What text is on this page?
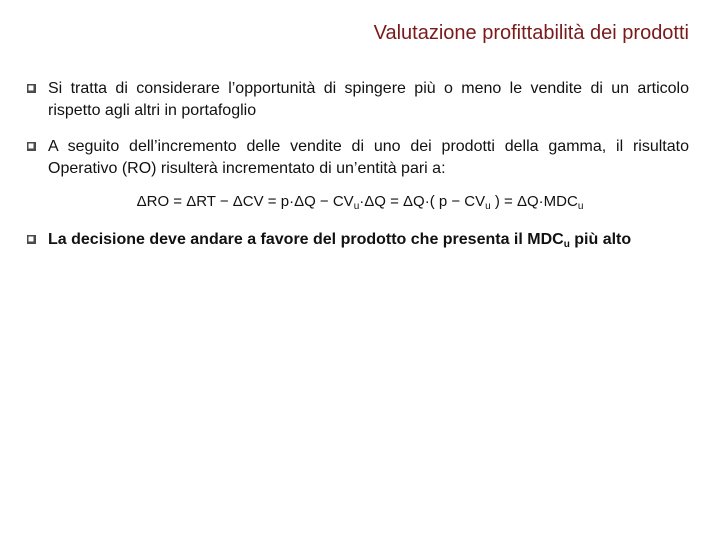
Valutazione profittabilità dei prodotti
Si tratta di considerare l’opportunità di spingere più o meno le vendite di un articolo rispetto agli altri in portafoglio
A seguito dell’incremento delle vendite di uno dei prodotti della gamma, il risultato Operativo (RO) risulterà incrementato di un’entità pari a:
$\Delta RO = \Delta RT - \Delta CV = p\cdot\Delta Q - CV_u\cdot\Delta Q = \Delta Q\cdot$( $p - CV_u$ ) = $\Delta Q\cdot MDC_u$
La decisione deve andare a favore del prodotto che presenta il $MDC_u$ più alto
